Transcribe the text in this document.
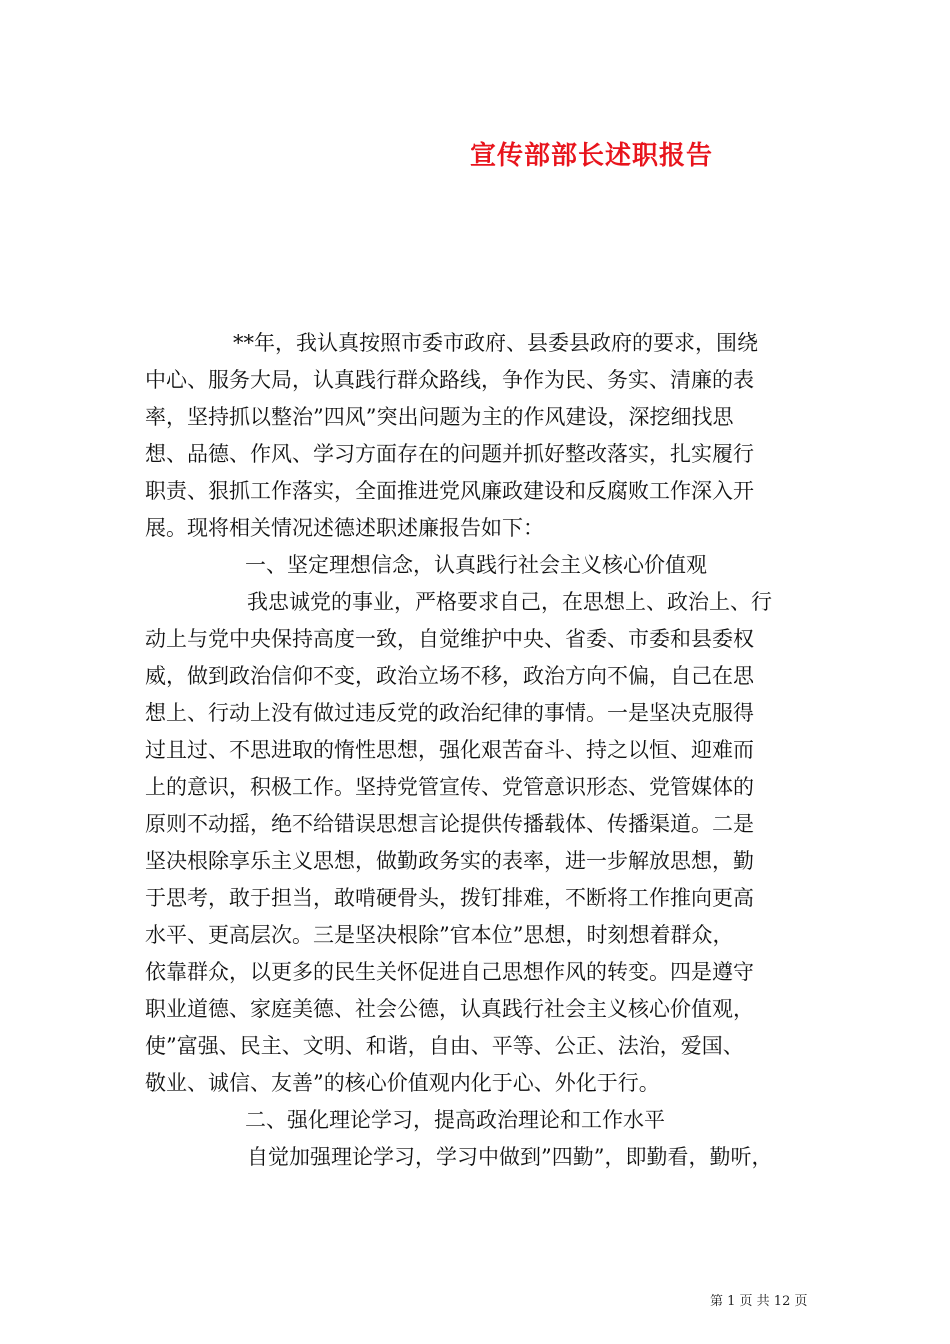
宣传部部长述职报告
**年，我认真按照市委市政府、县委县政府的要求，围绕
中心、服务大局，认真践行群众路线，争作为民、务实、清廉的表
率，坚持抓以整治”四风”突出问题为主的作风建设，深挖细找思
想、品德、作风、学习方面存在的问题并抓好整改落实，扎实履行
职责、狠抓工作落实，全面推进党风廉政建设和反腐败工作深入开
展。现将相关情况述德述职述廉报告如下：
一、坚定理想信念，认真践行社会主义核心价值观
我忠诚党的事业，严格要求自己，在思想上、政治上、行
动上与党中央保持高度一致，自觉维护中央、省委、市委和县委权
威，做到政治信仰不变，政治立场不移，政治方向不偏，自己在思
想上、行动上没有做过违反党的政治纪律的事情。一是坚决克服得
过且过、不思进取的惰性思想，强化艰苦奋斗、持之以恒、迎难而
上的意识，积极工作。坚持党管宣传、党管意识形态、党管媒体的
原则不动摇，绝不给错误思想言论提供传播载体、传播渠道。二是
坚决根除享乐主义思想，做勤政务实的表率，进一步解放思想，勤
于思考，敢于担当，敢啃硬骨头，拨钉排难，不断将工作推向更高
水平、更高层次。三是坚决根除”官本位”思想，时刻想着群众，
依靠群众，以更多的民生关怀促进自己思想作风的转变。四是遵守
职业道德、家庭美德、社会公德，认真践行社会主义核心价值观，
使”富强、民主、文明、和谐，自由、平等、公正、法治，爱国、
敬业、诚信、友善”的核心价值观内化于心、外化于行。
二、强化理论学习，提高政治理论和工作水平
自觉加强理论学习，学习中做到”四勤”，即勤看，勤听，
第 1 页 共 12 页
